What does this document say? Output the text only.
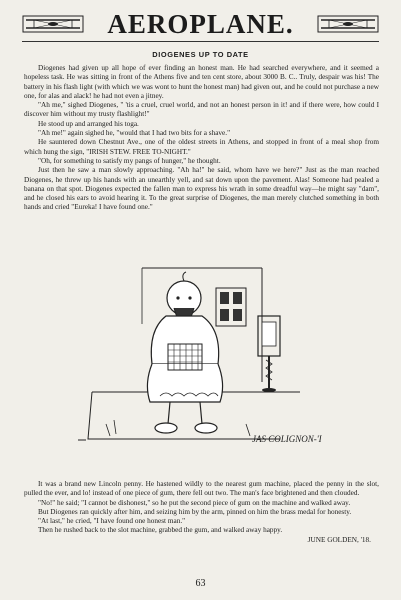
AEROPLANE.
DIOGENES UP TO DATE

Diogenes had given up all hope of ever finding an honest man. He had searched everywhere, and it seemed a hopeless task. He was sitting in front of the Athens five and ten cent store, about 3000 B. C.. Truly, despair was his! The battery in his flash light (with which we was wont to hunt the honest man) had given out, and he could not purchase a new one, for alas and alack! he had not even a jitney.

"Ah me," sighed Diogenes, " 'tis a cruel, cruel world, and not an honest person in it! and if there were, how could I discover him without my trusty flashlight!"

He stood up and arranged his toga.

"Ah me!" again sighed he, "would that I had two bits for a shave."

He sauntered down Chestnut Ave., one of the oldest streets in Athens, and stopped in front of a meal shop from which hung the sign, "IRISH STEW. FREE TO-NIGHT."

"Oh, for something to satisfy my pangs of hunger," he thought.

Just then he saw a man slowly approaching. "Ah ha!" he said, whom have we here?" Just as the man reached Diogenes, he threw up his hands with an unearthly yell, and sat down upon the pavement. Alas! Someone had pealed a banana on that spot. Diogenes expected the fallen man to express his wrath in some dreadful way—he might say "dam", and he closed his ears to avoid hearing it. To the great surprise of Diogenes, the man merely clutched something in both hands and cried "Eureka! I have found one."

JAS COLIGNON-'I

It was a brand new Lincoln penny. He hastened wildly to the nearest gum machine, placed the penny in the slot, pulled the ever, and lo! instead of one piece of gum, there fell out two. The man's face brightened and then clouded.

"No!" he said; "I cannot be dishonest," so he put the second piece of gum on the machine and walked away.

But Diogenes ran quickly after him, and seizing him by the arm, pinned on him the brass medal for honesty.

"At last," he cried, "I have found one honest man."

Then he rushed back to the slot machine, grabbed the gum, and walked away happy.

JUNE GOLDEN, '18.

63
